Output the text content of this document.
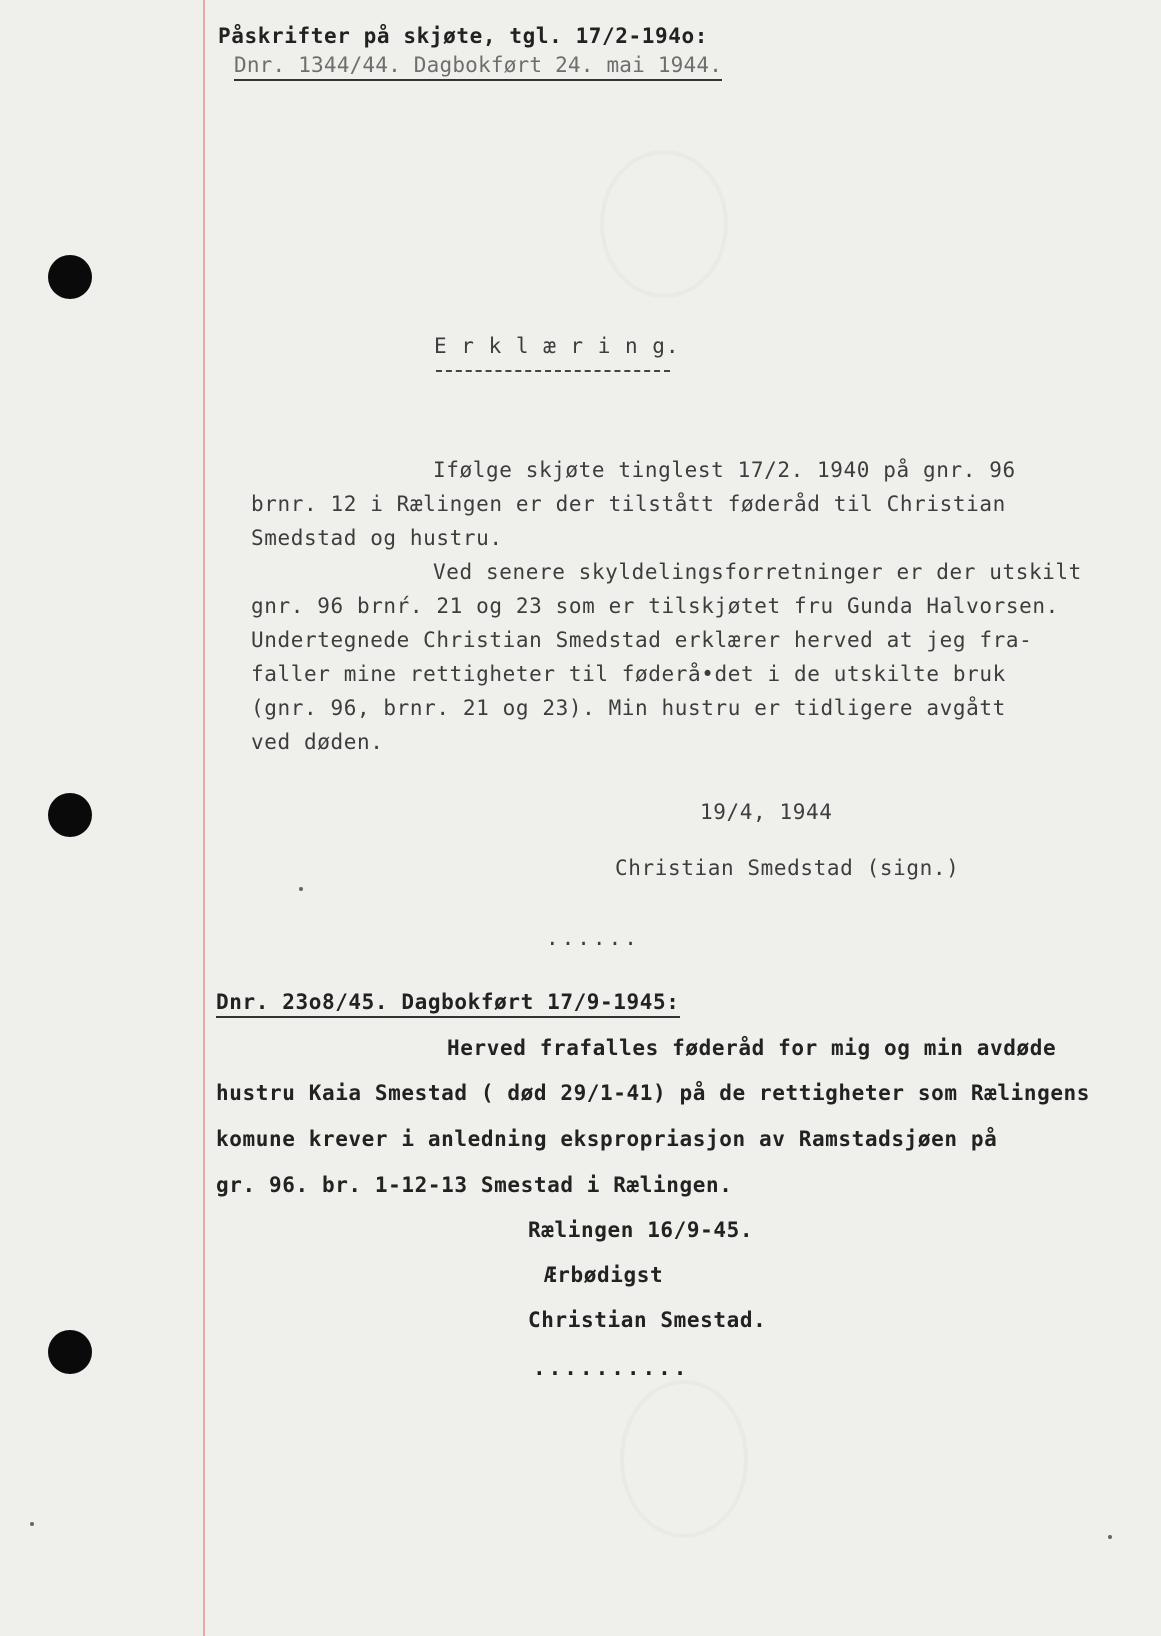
Påskrifter på skjøte, tgl. 17/2-194o:
Dnr. 1344/44. Dagbokført 24. mai 1944.
E r k l æ r i n g.
Ifølge skjøte tinglest 17/2. 1940 på gnr. 96
brnr. 12 i Rælingen er der tilstått føderåd til Christian
Smedstad og hustru.
Ved senere skyldelingsforretninger er der utskilt
gnr. 96 brnŕ. 21 og 23 som er tilskjøtet fru Gunda Halvorsen.
Undertegnede Christian Smedstad erklærer herved at jeg fra-
faller mine rettigheter til føderå•det i de utskilte bruk
(gnr. 96, brnr. 21 og 23). Min hustru er tidligere avgått
ved døden.
19/4, 1944
Christian Smedstad (sign.)
......
Dnr. 23o8/45. Dagbokført 17/9-1945:
Herved frafalles føderåd for mig og min avdøde
hustru Kaia Smestad ( død 29/1-41) på de rettigheter som Rælingens
komune krever i anledning ekspropriasjon av Ramstadsjøen på
gr. 96. br. 1-12-13 Smestad i Rælingen.
Rælingen 16/9-45.
Ærbødigst
Christian Smestad.
..........
